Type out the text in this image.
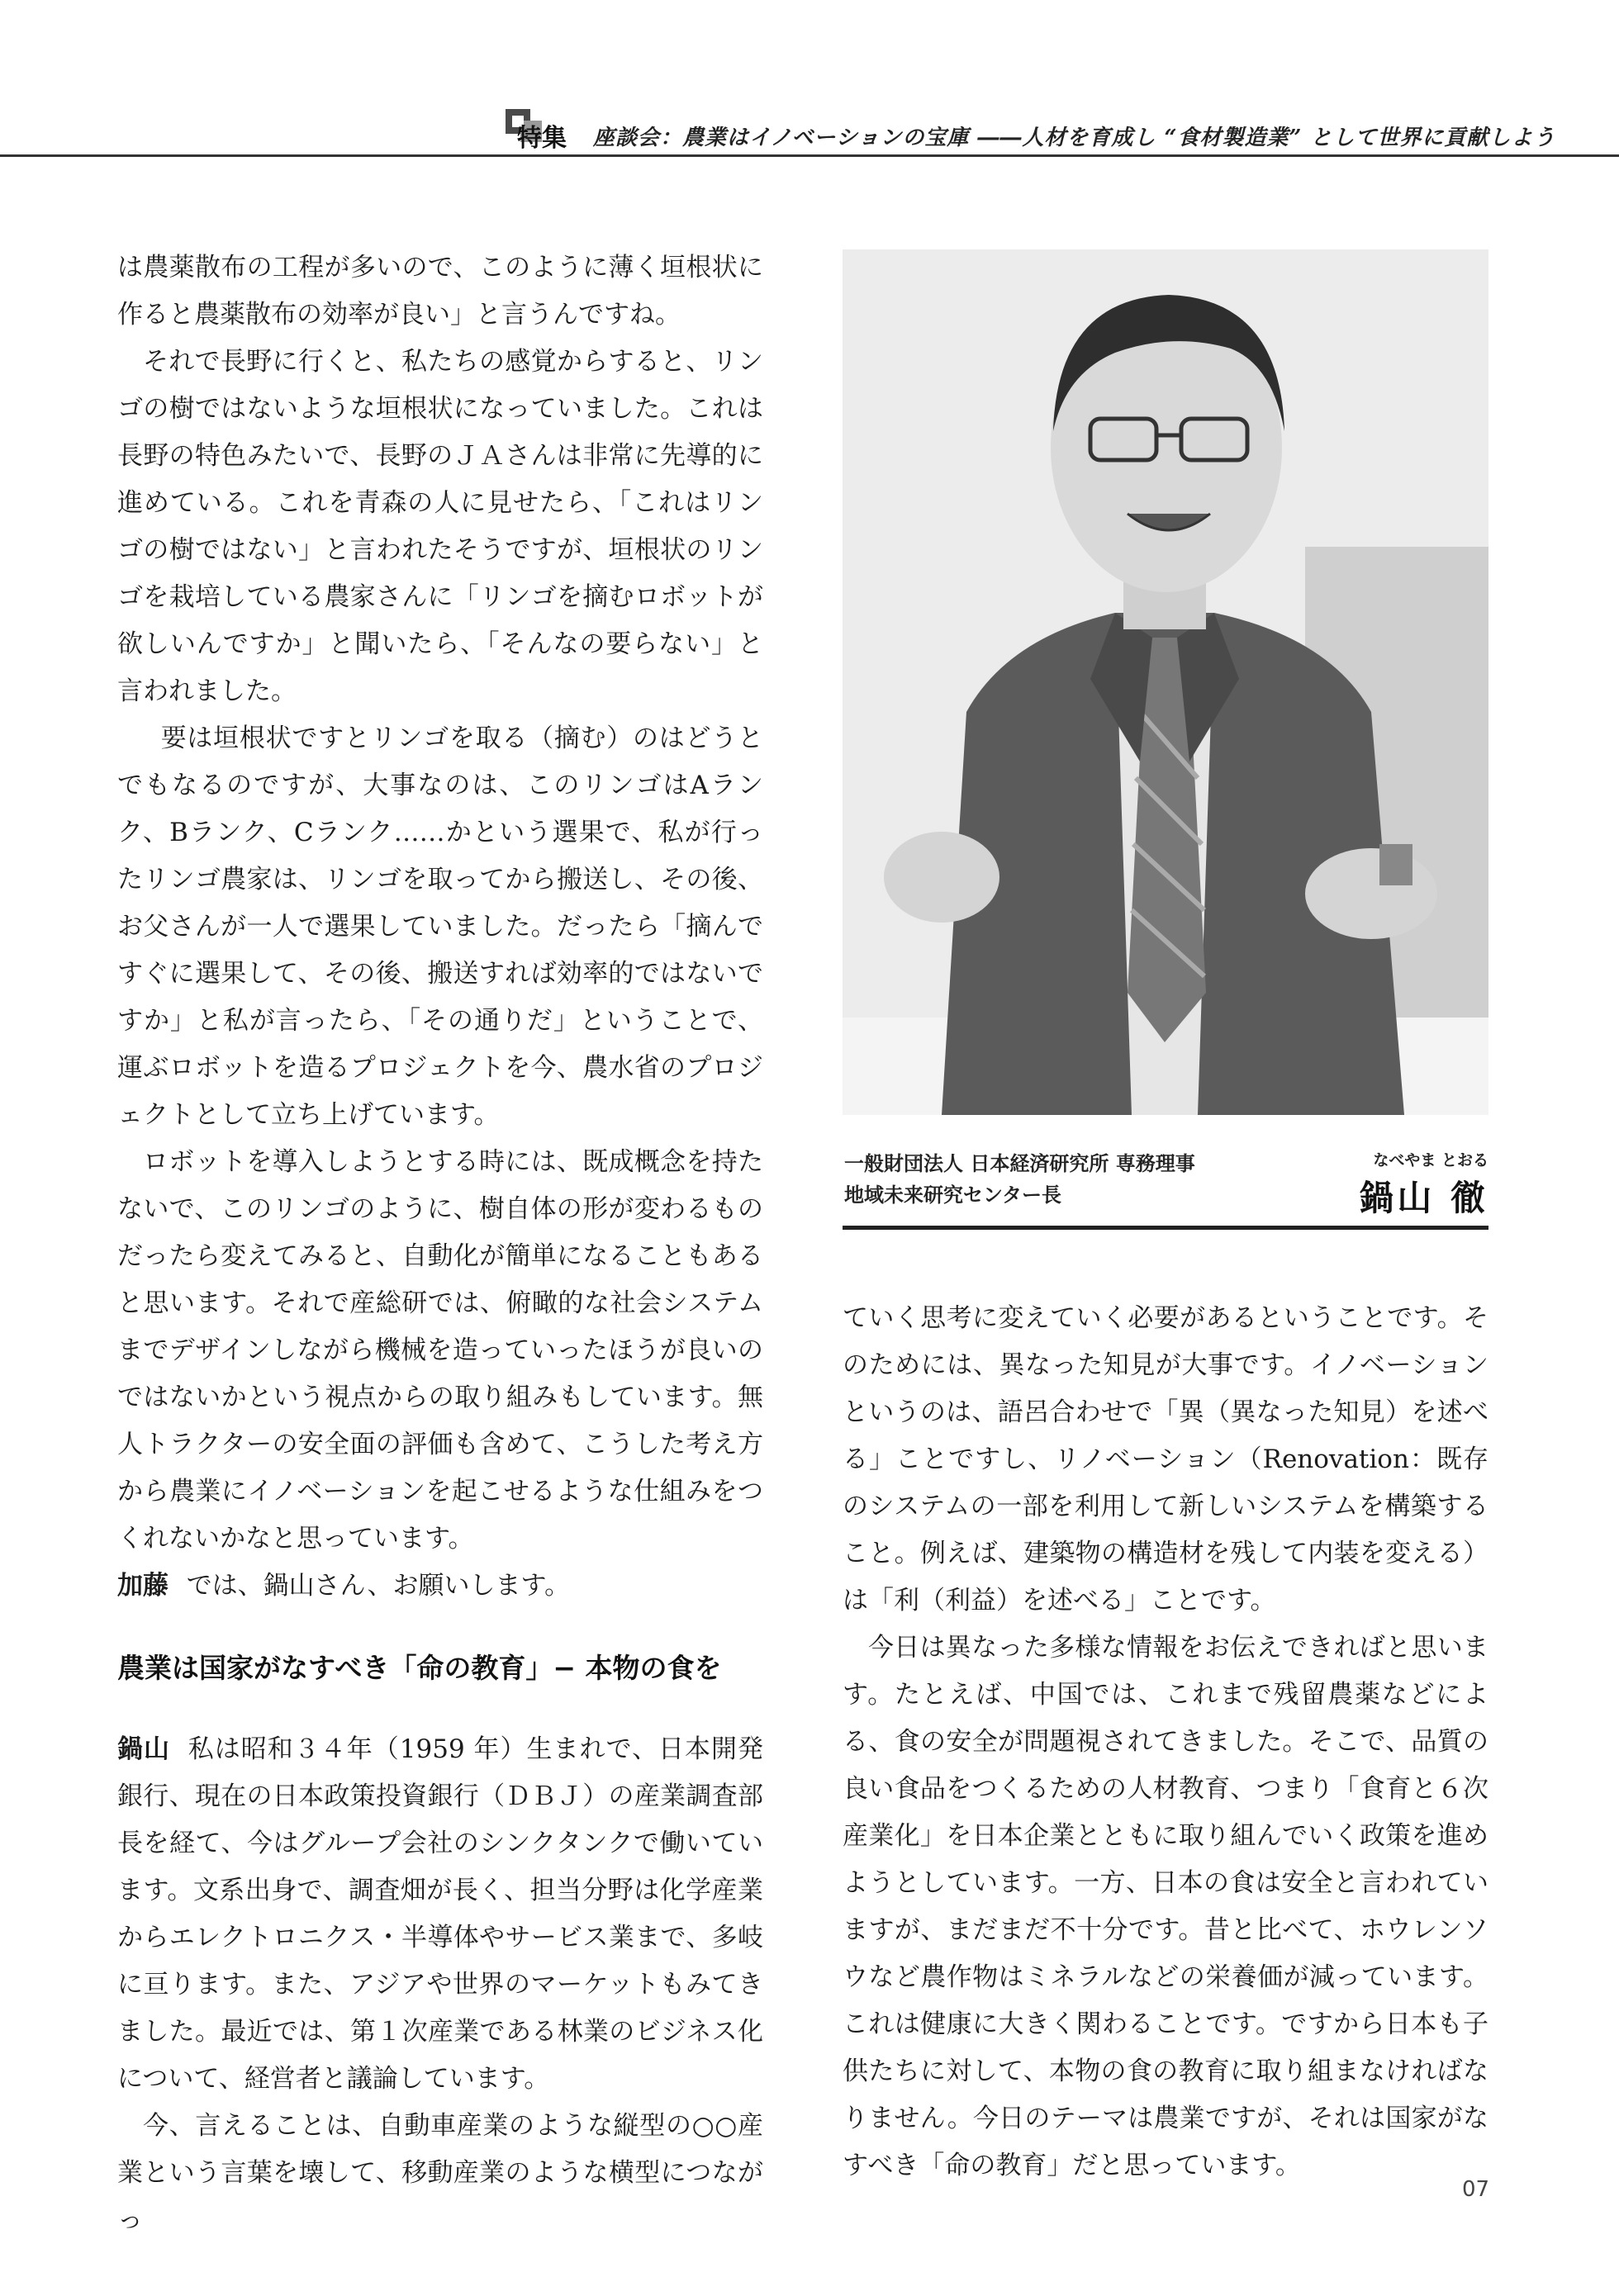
特集 座談会：農業はイノベーションの宝庫 ――人材を育成し “食材製造業” として世界に貢献しよう

は農薬散布の工程が多いので、このように薄く垣根状に作ると農薬散布の効率が良い」と言うんですね。

それで長野に行くと、私たちの感覚からすると、リンゴの樹ではないような垣根状になっていました。これは長野の特色みたいで、長野のＪＡさんは非常に先導的に進めている。これを青森の人に見せたら、「これはリンゴの樹ではない」と言われたそうですが、垣根状のリンゴを栽培している農家さんに「リンゴを摘むロボットが欲しいんですか」と聞いたら、「そんなの要らない」と言われました。

要は垣根状ですとリンゴを取る（摘む）のはどうとでもなるのですが、大事なのは、このリンゴはAランク、Bランク、Cランク……かという選果で、私が行ったリンゴ農家は、リンゴを取ってから搬送し、その後、お父さんが一人で選果していました。だったら「摘んですぐに選果して、その後、搬送すれば効率的ではないですか」と私が言ったら、「その通りだ」ということで、運ぶロボットを造るプロジェクトを今、農水省のプロジェクトとして立ち上げています。

ロボットを導入しようとする時には、既成概念を持たないで、このリンゴのように、樹自体の形が変わるものだったら変えてみると、自動化が簡単になることもあると思います。それで産総研では、俯瞰的な社会システムまでデザインしながら機械を造っていったほうが良いのではないかという視点からの取り組みもしています。無人トラクターの安全面の評価も含めて、こうした考え方から農業にイノベーションを起こせるような仕組みをつくれないかなと思っています。

加藤 では、鍋山さん、お願いします。

農業は国家がなすべき「命の教育」− 本物の食を

鍋山 私は昭和３４年（1959 年）生まれで、日本開発銀行、現在の日本政策投資銀行（ＤＢＪ）の産業調査部長を経て、今はグループ会社のシンクタンクで働いています。文系出身で、調査畑が長く、担当分野は化学産業からエレクトロニクス・半導体やサービス業まで、多岐に亘ります。また、アジアや世界のマーケットもみてきました。最近では、第１次産業である林業のビジネス化について、経営者と議論しています。

今、言えることは、自動車産業のような縦型の○○産業という言葉を壊して、移動産業のような横型につながっ

一般財団法人 日本経済研究所 専務理事
地域未来研究センター長
なべやま とおる
鍋山 徹

ていく思考に変えていく必要があるということです。そのためには、異なった知見が大事です。イノベーションというのは、語呂合わせで「異（異なった知見）を述べる」ことですし、リノベーション（Renovation：既存のシステムの一部を利用して新しいシステムを構築すること。例えば、建築物の構造材を残して内装を変える）は「利（利益）を述べる」ことです。

今日は異なった多様な情報をお伝えできればと思います。たとえば、中国では、これまで残留農薬などによる、食の安全が問題視されてきました。そこで、品質の良い食品をつくるための人材教育、つまり「食育と６次産業化」を日本企業とともに取り組んでいく政策を進めようとしています。一方、日本の食は安全と言われていますが、まだまだ不十分です。昔と比べて、ホウレンソウなど農作物はミネラルなどの栄養価が減っています。これは健康に大きく関わることです。ですから日本も子供たちに対して、本物の食の教育に取り組まなければなりません。今日のテーマは農業ですが、それは国家がなすべき「命の教育」だと思っています。

07
